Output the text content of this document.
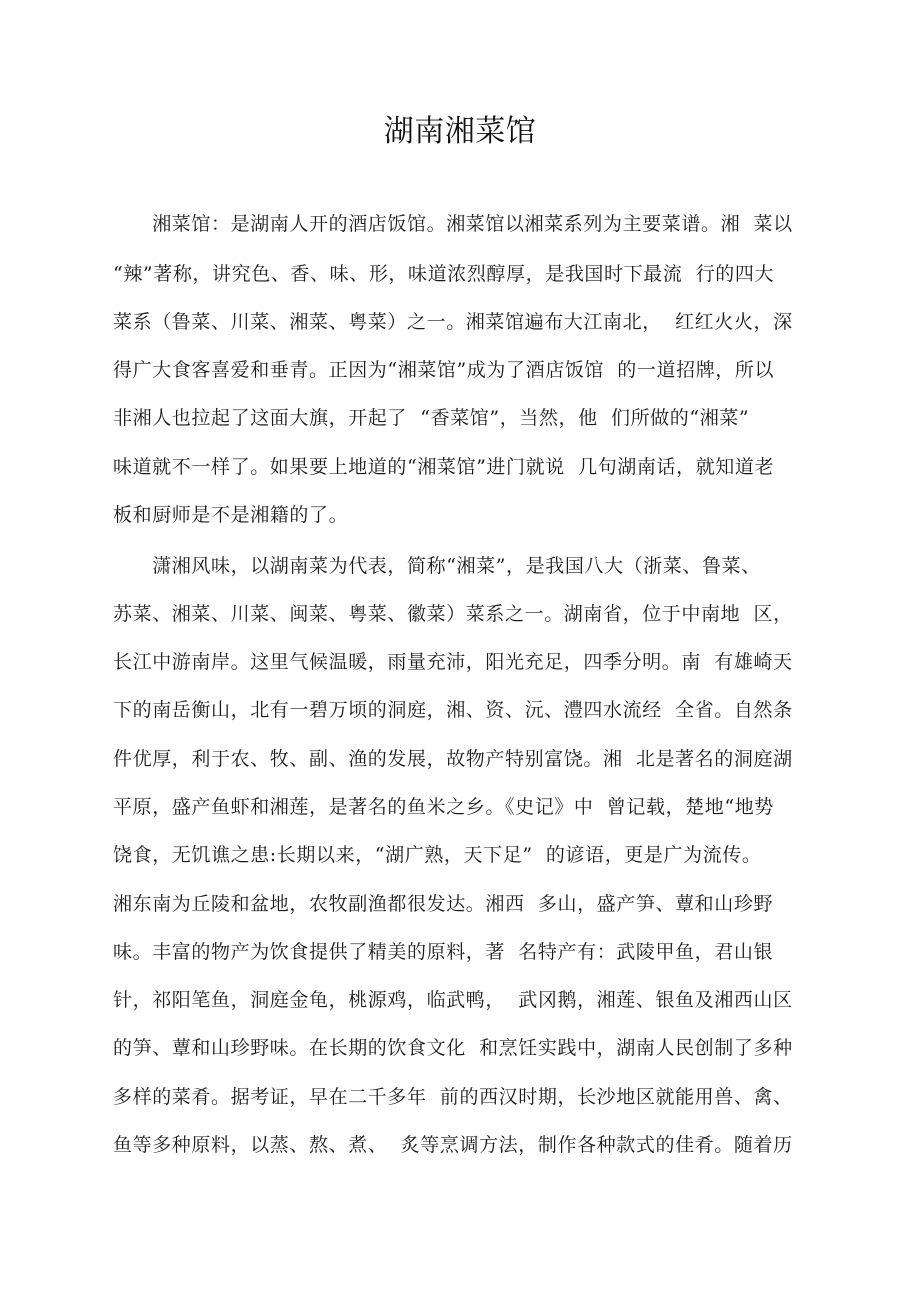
湖南湘菜馆
　　湘菜馆：是湖南人开的酒店饭馆。湘菜馆以湘菜系列为主要菜谱。湘  菜以
“辣”著称，讲究色、香、味、形，味道浓烈醇厚，是我国时下最流  行的四大
菜系（鲁菜、川菜、湘菜、粤菜）之一。湘菜馆遍布大江南北，  红红火火，深
得广大食客喜爱和垂青。正因为“湘菜馆”成为了酒店饭馆  的一道招牌，所以
非湘人也拉起了这面大旗，开起了  “香菜馆”，当然，他  们所做的“湘菜”
味道就不一样了。如果要上地道的“湘菜馆”进门就说  几句湖南话，就知道老
板和厨师是不是湘籍的了。
　　潇湘风味，以湖南菜为代表，简称“湘菜”，是我国八大（浙菜、鲁菜、
苏菜、湘菜、川菜、闽菜、粤菜、徽菜）菜系之一。湖南省，位于中南地  区，
长江中游南岸。这里气候温暖，雨量充沛，阳光充足，四季分明。南  有雄崎天
下的南岳衡山，北有一碧万顷的洞庭，湘、资、沅、澧四水流经  全省。自然条
件优厚，利于农、牧、副、渔的发展，故物产特别富饶。湘  北是著名的洞庭湖
平原，盛产鱼虾和湘莲，是著名的鱼米之乡。《史记》中  曾记载，楚地“地势
饶食，无饥谯之患:长期以来，“湖广熟，天下足”  的谚语，更是广为流传。
湘东南为丘陵和盆地，农牧副渔都很发达。湘西  多山，盛产笋、蕈和山珍野
味。丰富的物产为饮食提供了精美的原料，著  名特产有：武陵甲鱼，君山银
针，祁阳笔鱼，洞庭金龟，桃源鸡，临武鸭，  武冈鹅，湘莲、银鱼及湘西山区
的笋、蕈和山珍野味。在长期的饮食文化  和烹饪实践中，湖南人民创制了多种
多样的菜肴。据考证，早在二千多年  前的西汉时期，长沙地区就能用兽、禽、
鱼等多种原料，以蒸、熬、煮、  炙等烹调方法，制作各种款式的佳肴。随着历
